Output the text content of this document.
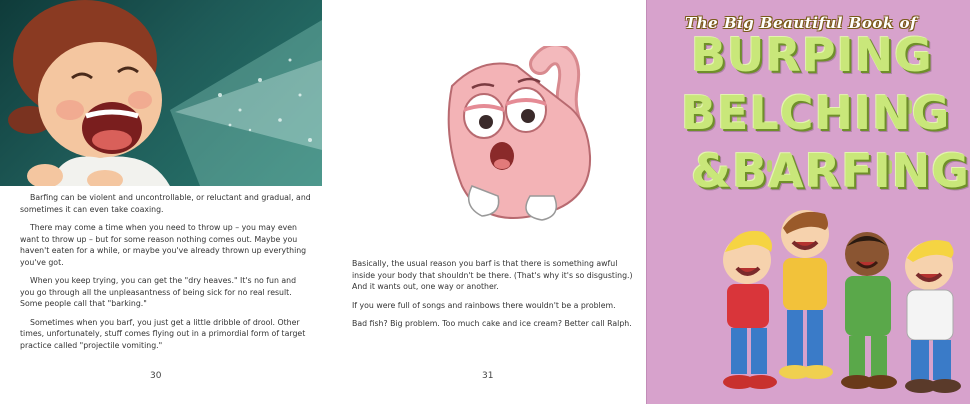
Barfing can be violent and uncontrollable, or reluctant and gradual, and sometimes it can even take coaxing.

There may come a time when you need to throw up – you may even want to throw up – but for some reason nothing comes out. Maybe you haven't eaten for a while, or maybe you've already thrown up everything you've got.

When you keep trying, you can get the "dry heaves." It's no fun and you go through all the unpleasantness of being sick for no real result. Some people call that "barking."

Sometimes when you barf, you just get a little dribble of drool. Other times, unfortunately, stuff comes flying out in a primordial form of target practice called "projectile vomiting."

30

Basically, the usual reason you barf is that there is something awful inside your body that shouldn't be there. (That's why it's so disgusting.) And it wants out, one way or another.

If you were full of songs and rainbows there wouldn't be a problem.

Bad fish? Big problem. Too much cake and ice cream? Better call Ralph.

31
The Big Beautiful Book of
BURPING
BELCHING
&BARFING
